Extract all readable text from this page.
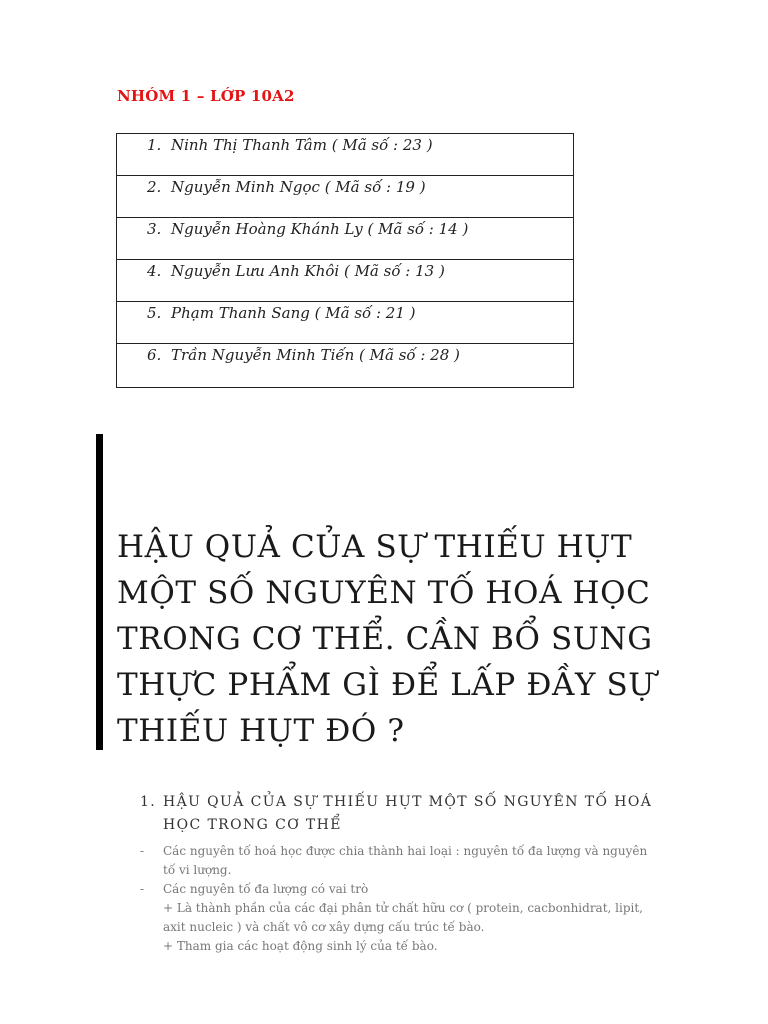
NHÓM 1 – LỚP 10A2
1. Ninh Thị Thanh Tâm ( Mã số : 23 )
2. Nguyễn Minh Ngọc ( Mã số : 19 )
3. Nguyễn Hoàng Khánh Ly ( Mã số : 14 )
4. Nguyễn Lưu Anh Khôi ( Mã số : 13 )
5. Phạm Thanh Sang ( Mã số : 21 )
6. Trần Nguyễn Minh Tiến ( Mã số : 28 )
HẬU QUẢ CỦA SỰ THIẾU HỤT
MỘT SỐ NGUYÊN TỐ HOÁ HỌC
TRONG CƠ THỂ. CẦN BỔ SUNG
THỰC PHẨM GÌ ĐỂ LẤP ĐẦY SỰ
THIẾU HỤT ĐÓ ?
1. HẬU QUẢ CỦA SỰ THIẾU HỤT MỘT SỐ NGUYÊN TỐ HOÁ
HỌC TRONG CƠ THỂ
- Các nguyên tố hoá học được chia thành hai loại : nguyên tố đa lượng và nguyên
tố vi lượng.
- Các nguyên tố đa lượng có vai trò
+ Là thành phần của các đại phân tử chất hữu cơ ( protein, cacbonhidrat, lipit,
axit nucleic ) và chất vô cơ xây dựng cấu trúc tế bào.
+ Tham gia các hoạt động sinh lý của tế bào.
